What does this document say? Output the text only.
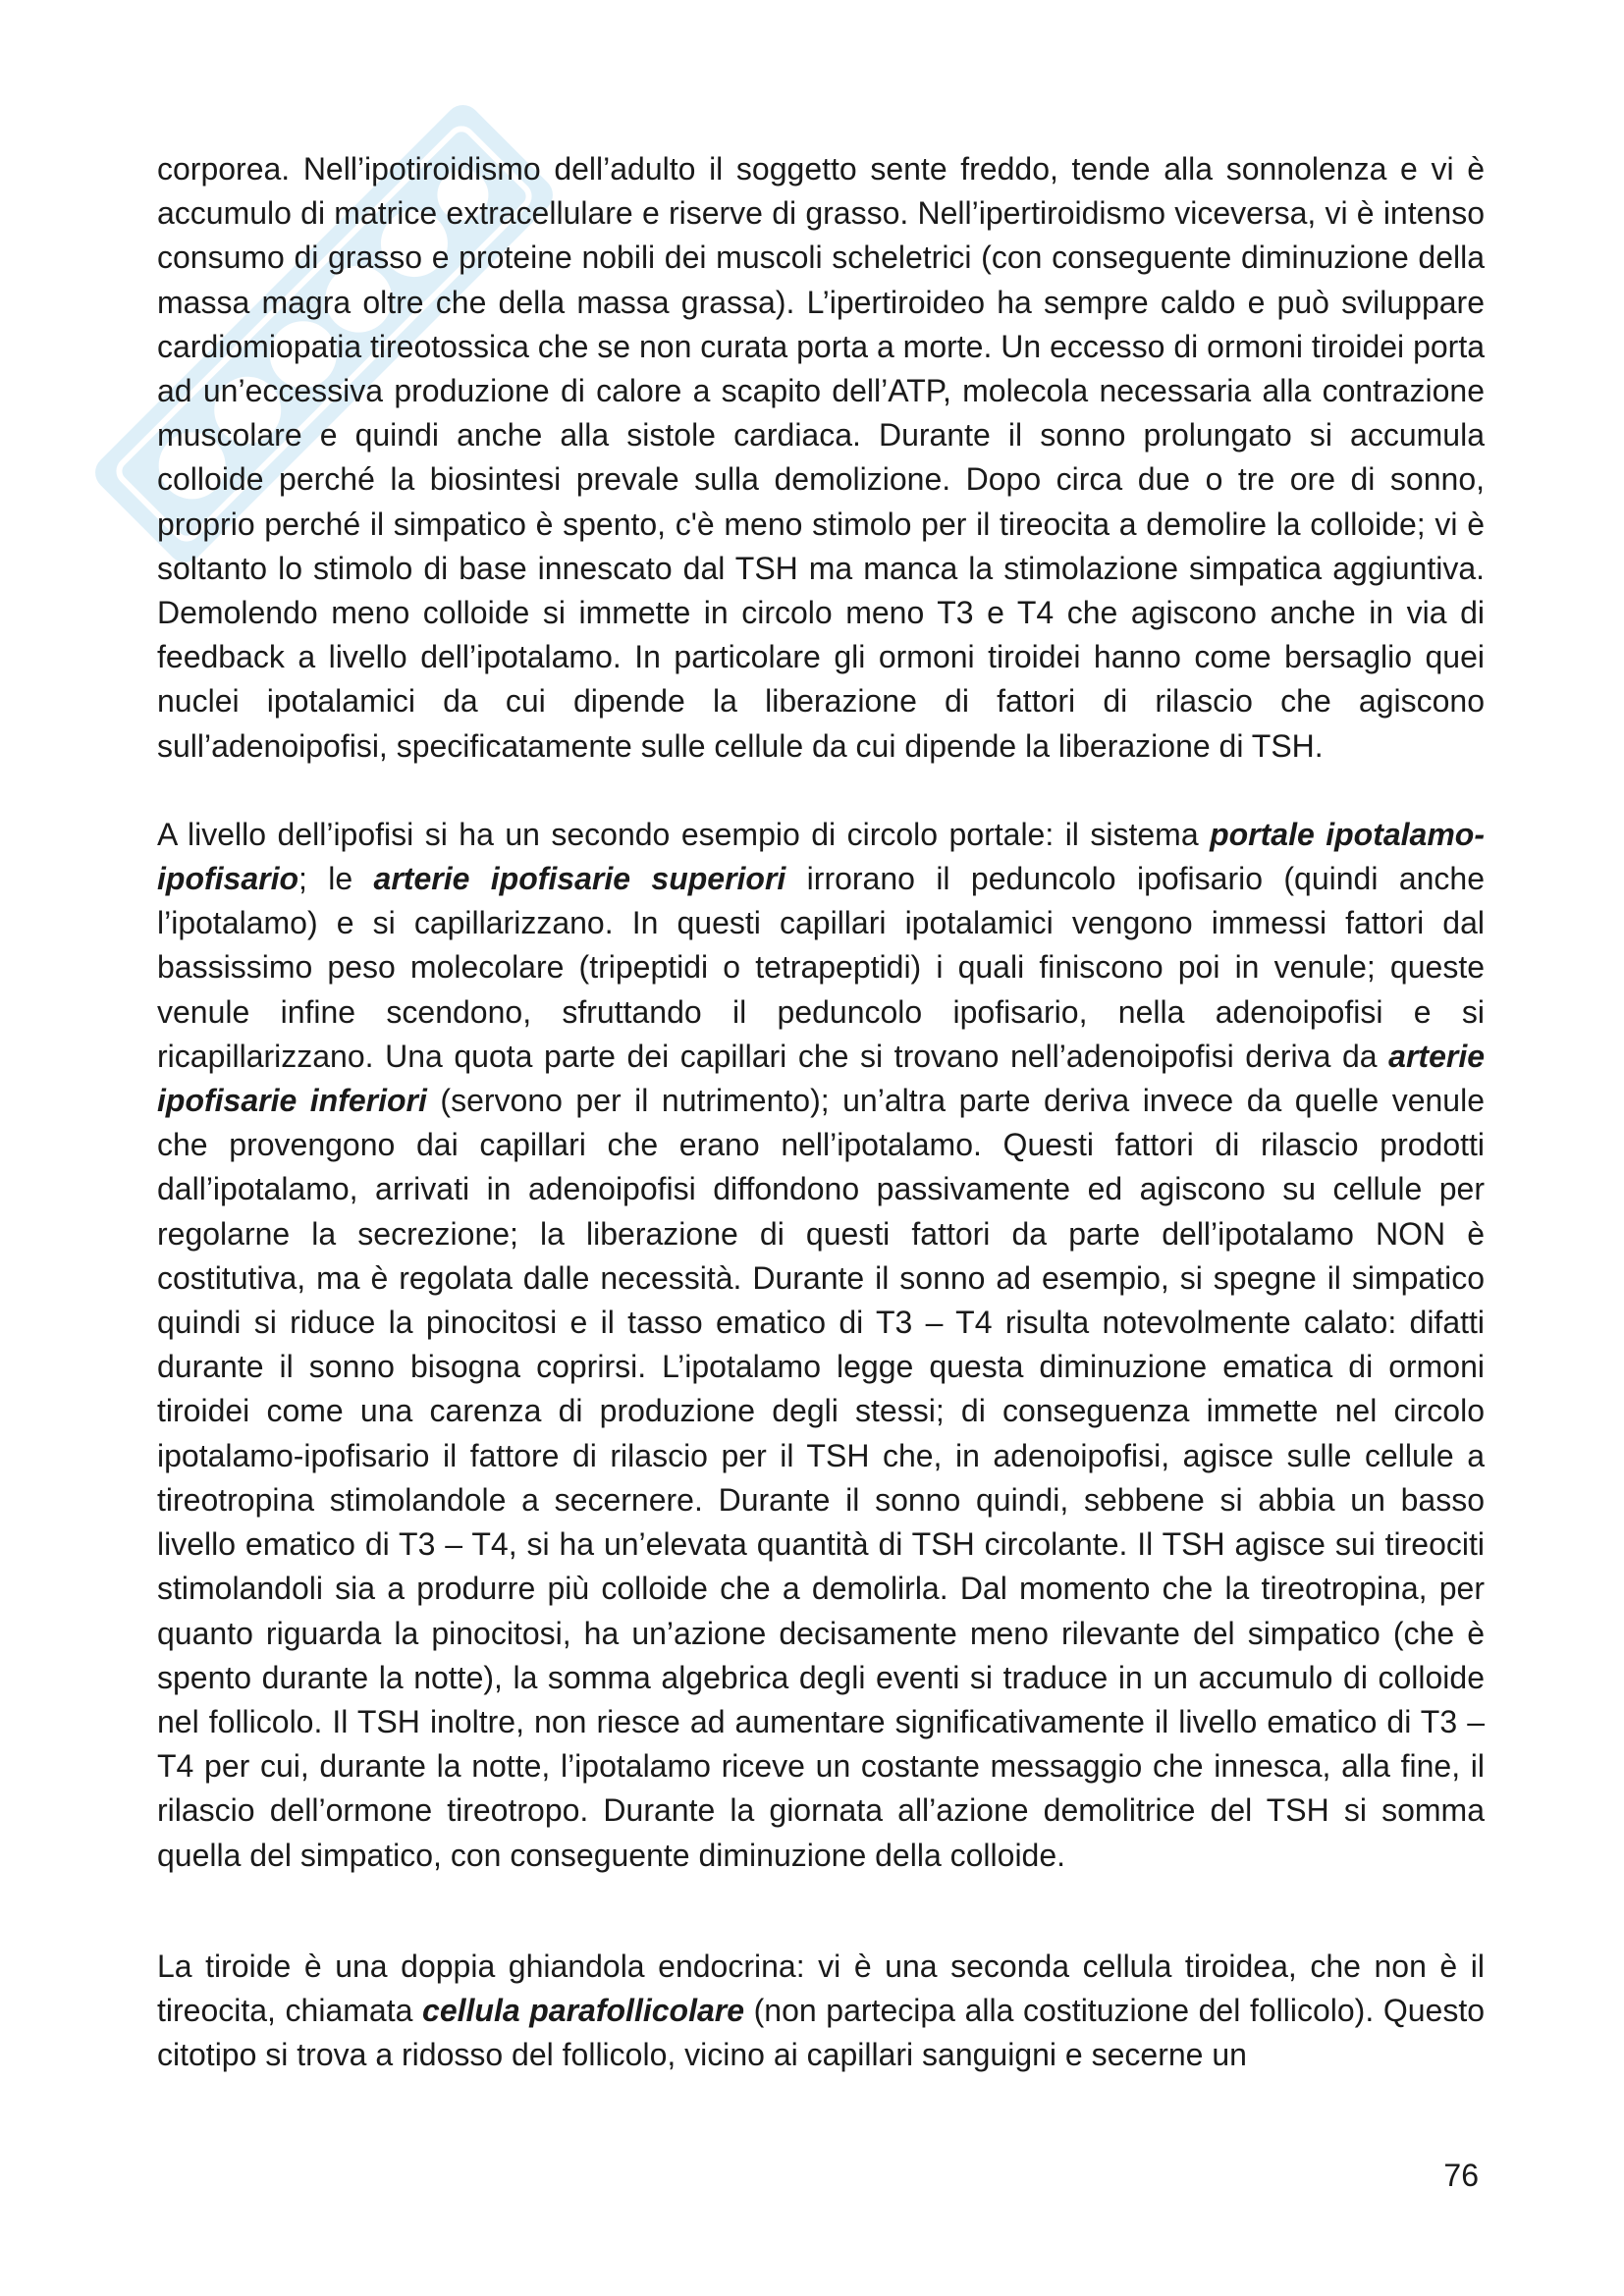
corporea. Nell’ipotiroidismo dell’adulto il soggetto sente freddo, tende alla sonnolenza e vi è accumulo di matrice extracellulare e riserve di grasso. Nell’ipertiroidismo viceversa, vi è intenso consumo di grasso e proteine nobili dei muscoli scheletrici (con conseguente diminuzione della massa magra oltre che della massa grassa). L’ipertiroideo ha sempre caldo e può sviluppare cardiomiopatia tireotossica che se non curata porta a morte. Un eccesso di ormoni tiroidei porta ad un’eccessiva produzione di calore a scapito dell’ATP, molecola necessaria alla contrazione muscolare e quindi anche alla sistole cardiaca. Durante il sonno prolungato si accumula colloide perché la biosintesi prevale sulla demolizione. Dopo circa due o tre ore di sonno, proprio perché il simpatico è spento, c'è meno stimolo per il tireocita a demolire la colloide; vi è soltanto lo stimolo di base innescato dal TSH ma manca la stimolazione simpatica aggiuntiva. Demolendo meno colloide si immette in circolo meno T3 e T4 che agiscono anche in via di feedback a livello dell’ipotalamo. In particolare gli ormoni tiroidei hanno come bersaglio quei nuclei ipotalamici da cui dipende la liberazione di fattori di rilascio che agiscono sull’adenoipofisi, specificatamente sulle cellule da cui dipende la liberazione di TSH.

A livello dell’ipofisi si ha un secondo esempio di circolo portale: il sistema portale ipotalamo-ipofisario; le arterie ipofisarie superiori irrorano il peduncolo ipofisario (quindi anche l’ipotalamo) e si capillarizzano. In questi capillari ipotalamici vengono immessi fattori dal bassissimo peso molecolare (tripeptidi o tetrapeptidi) i quali finiscono poi in venule; queste venule infine scendono, sfruttando il peduncolo ipofisario, nella adenoipofisi e si ricapillarizzano. Una quota parte dei capillari che si trovano nell’adenoipofisi deriva da arterie ipofisarie inferiori (servono per il nutrimento); un’altra parte deriva invece da quelle venule che provengono dai capillari che erano nell’ipotalamo. Questi fattori di rilascio prodotti dall’ipotalamo, arrivati in adenoipofisi diffondono passivamente ed agiscono su cellule per regolarne la secrezione; la liberazione di questi fattori da parte dell’ipotalamo NON è costitutiva, ma è regolata dalle necessità. Durante il sonno ad esempio, si spegne il simpatico quindi si riduce la pinocitosi e il tasso ematico di T3 – T4 risulta notevolmente calato: difatti durante il sonno bisogna coprirsi. L’ipotalamo legge questa diminuzione ematica di ormoni tiroidei come una carenza di produzione degli stessi; di conseguenza immette nel circolo ipotalamo-ipofisario il fattore di rilascio per il TSH che, in adenoipofisi, agisce sulle cellule a tireotropina stimolandole a secernere. Durante il sonno quindi, sebbene si abbia un basso livello ematico di T3 – T4, si ha un’elevata quantità di TSH circolante. Il TSH agisce sui tireociti stimolandoli sia a produrre più colloide che a demolirla. Dal momento che la tireotropina, per quanto riguarda la pinocitosi, ha un’azione decisamente meno rilevante del simpatico (che è spento durante la notte), la somma algebrica degli eventi si traduce in un accumulo di colloide nel follicolo. Il TSH inoltre, non riesce ad aumentare significativamente il livello ematico di T3 – T4 per cui, durante la notte, l’ipotalamo riceve un costante messaggio che innesca, alla fine, il rilascio dell’ormone tireotropo. Durante la giornata all’azione demolitrice del TSH si somma quella del simpatico, con conseguente diminuzione della colloide.

La tiroide è una doppia ghiandola endocrina: vi è una seconda cellula tiroidea, che non è il tireocita, chiamata cellula parafollicolare (non partecipa alla costituzione del follicolo). Questo citotipo si trova a ridosso del follicolo, vicino ai capillari sanguigni e secerne un

76
